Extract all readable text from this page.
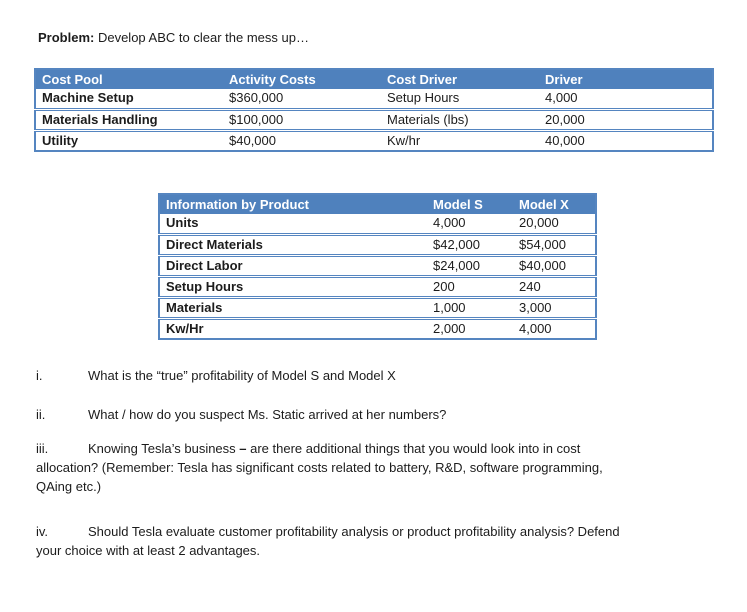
Problem: Develop ABC to clear the mess up…

Cost Pool	Activity Costs	Cost Driver	Driver
Machine Setup	$360,000	Setup Hours	4,000
Materials Handling	$100,000	Materials (lbs)	20,000
Utility	$40,000	Kw/hr	40,000
Information by Product	Model S	Model X
Units	4,000	20,000
Direct Materials	$42,000	$54,000
Direct Labor	$24,000	$40,000
Setup Hours	200	240
Materials	1,000	3,000
Kw/Hr	2,000	4,000

i.	What is the “true” profitability of Model S and Model X

ii.	What / how do you suspect Ms. Static arrived at her numbers?

iii.	Knowing Tesla’s business – are there additional things that you would look into in cost

allocation? (Remember: Tesla has significant costs related to battery, R&D, software programming,

QAing etc.)

iv.	Should Tesla evaluate customer profitability analysis or product profitability analysis? Defend

your choice with at least 2 advantages.
